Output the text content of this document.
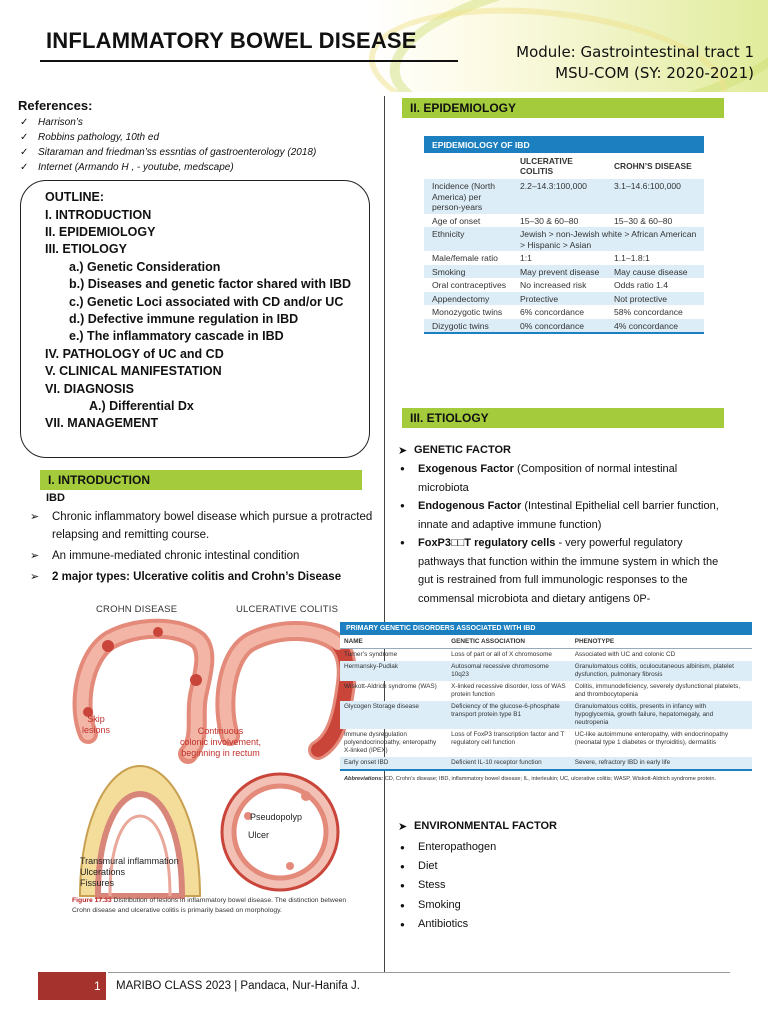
INFLAMMATORY BOWEL DISEASE	Module: Gastrointestinal tract 1
MSU-COM (SY: 2020-2021)
References:
✓ Harrison’s
✓ Robbins pathology, 10th ed
✓ Sitaraman and friedman’ss essntias of gastroenterology (2018)
✓ Internet (Armando H , - youtube, medscape)
OUTLINE:
I. INTRODUCTION
II. EPIDEMIOLOGY
III. ETIOLOGY
a.) Genetic Consideration
b.) Diseases and genetic factor shared with IBD
c.) Genetic Loci associated with CD and/or UC
d.) Defective immune regulation in IBD
e.) The inflammatory cascade in IBD
IV. PATHOLOGY of UC and CD
V. CLINICAL MANIFESTATION
VI. DIAGNOSIS
A.) Differential Dx
VII. MANAGEMENT
I. INTRODUCTION
IBD
➢ Chronic inflammatory bowel disease which pursue a protracted relapsing and remitting course.
➢ An immune-mediated chronic intestinal condition
➢ 2 major types: Ulcerative colitis and Crohn’s Disease
CROHN DISEASE	ULCERATIVE COLITIS
Skip
lesions	Continuous
colonic involvement,
beginning in rectum
Pseudopolyp
Ulcer
Transmural inflammation
Ulcerations
Fissures
Figure 17.33 Distribution of lesions in inflammatory bowel disease. The distinction between Crohn disease and ulcerative colitis is primarily based on morphology.
II. EPIDEMIOLOGY
EPIDEMIOLOGY OF IBD
	ULCERATIVE COLITIS	CROHN’S DISEASE
Incidence (North America) per person-years	2.2–14.3:100,000	3.1–14.6:100,000
Age of onset	15–30 & 60–80	15–30 & 60–80
Ethnicity	Jewish > non-Jewish white > African American > Hispanic > Asian	
Male/female ratio	1:1	1.1–1.8:1
Smoking	May prevent disease	May cause disease
Oral contraceptives	No increased risk	Odds ratio 1.4
Appendectomy	Protective	Not protective
Monozygotic twins	6% concordance	58% concordance
Dizygotic twins	0% concordance	4% concordance
III. ETIOLOGY
➤ GENETIC FACTOR
● Exogenous Factor (Composition of normal intestinal microbiota
● Endogenous Factor (Intestinal Epithelial cell barrier function, innate and adaptive immune function)
● FoxP3□□T regulatory cells - very powerful regulatory pathways that function within the immune system in which the gut is restrained from full immunologic responses to the commensal microbiota and dietary antigens 0P-
PRIMARY GENETIC DISORDERS ASSOCIATED WITH IBD
NAME	GENETIC ASSOCIATION	PHENOTYPE
Turner’s syndrome	Loss of part or all of X chromosome	Associated with UC and colonic CD
Hermansky-Pudlak	Autosomal recessive chromosome 10q23	Granulomatous colitis, oculocutaneous albinism, platelet dysfunction, pulmonary fibrosis
Wiskott-Aldrich syndrome (WAS)	X-linked recessive disorder, loss of WAS protein function	Colitis, immunodeficiency, severely dysfunctional platelets, and thrombocytopenia
Glycogen Storage disease	Deficiency of the glucose-6-phosphate transport protein type B1	Granulomatous colitis, presents in infancy with hypoglycemia, growth failure, hepatomegaly, and neutropenia
Immune dysregulation polyendocrinopathy, enteropathy X-linked (IPEX)	Loss of FoxP3 transcription factor and T regulatory cell function	UC-like autoimmune enteropathy, with endocrinopathy (neonatal type 1 diabetes or thyroiditis), dermatitis
Early onset IBD	Deficient IL-10 receptor function	Severe, refractory IBD in early life
Abbreviations: CD, Crohn’s disease; IBD, inflammatory bowel disease; IL, interleukin; UC, ulcerative colitis; WASP, Wiskott-Aldrich syndrome protein.
➤ ENVIRONMENTAL FACTOR
● Enteropathogen
● Diet
● Stess
● Smoking
● Antibiotics
1	MARIBO CLASS 2023 | Pandaca, Nur-Hanifa J.
